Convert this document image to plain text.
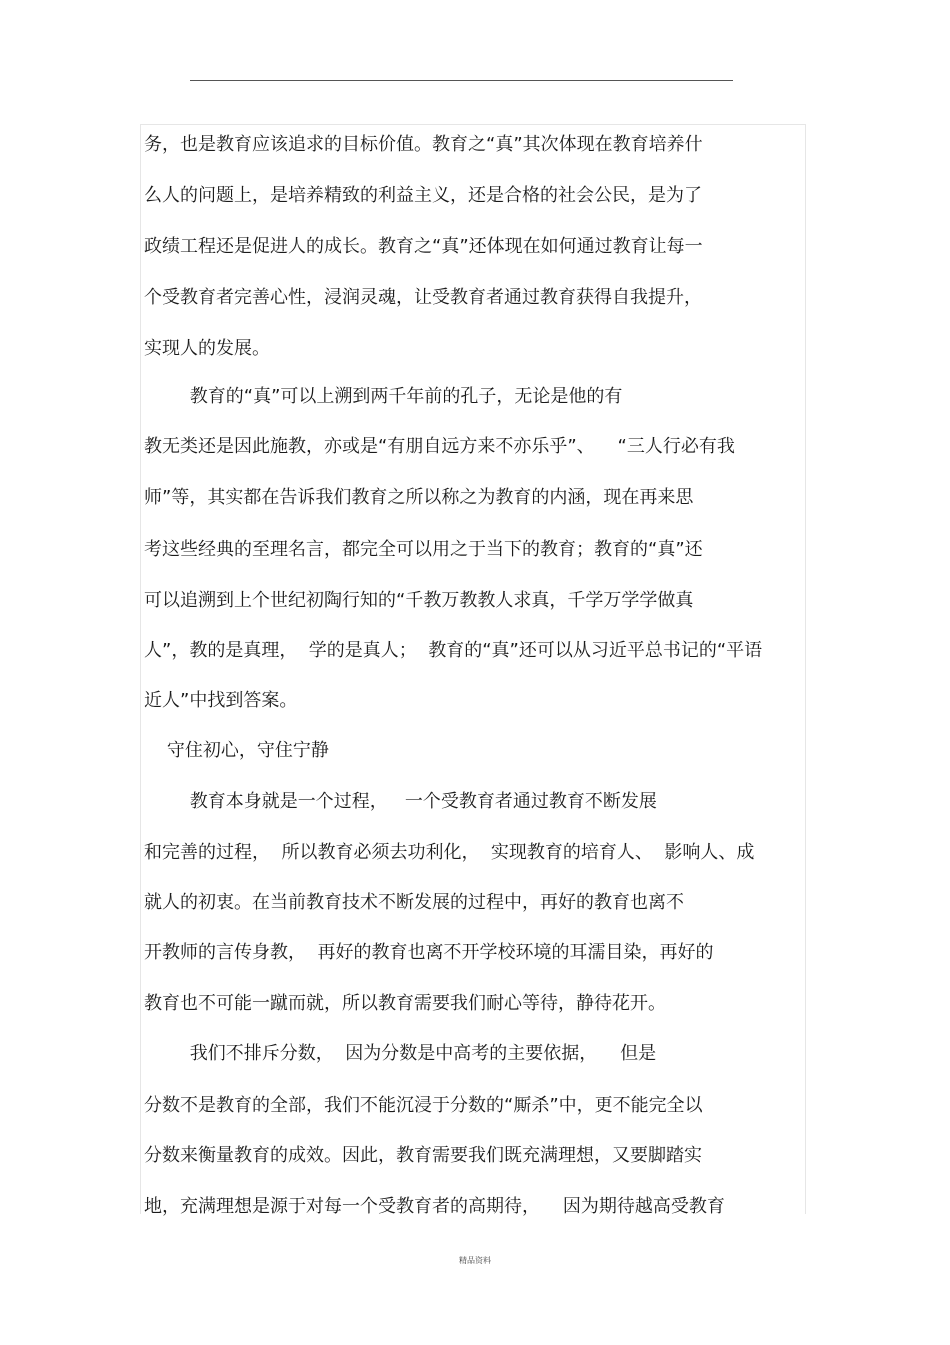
务，也是教育应该追求的目标价值。教育之“真”其次体现在教育培养什
么人的问题上，是培养精致的利益主义，还是合格的社会公民，是为了
政绩工程还是促进人的成长。教育之“真”还体现在如何通过教育让每一
个受教育者完善心性，浸润灵魂，让受教育者通过教育获得自我提升，
实现人的发展。
教育的“真”可以上溯到两千年前的孔子，无论是他的有
教无类还是因此施教，亦或是“有朋自远方来不亦乐乎”、    “三人行必有我
师”等，其实都在告诉我们教育之所以称之为教育的内涵，现在再来思
考这些经典的至理名言，都完全可以用之于当下的教育；教育的“真”还
可以追溯到上个世纪初陶行知的“千教万教教人求真，千学万学学做真
人”，教的是真理，  学的是真人；  教育的“真”还可以从习近平总书记的“平语
近人”中找到答案。
守住初心，守住宁静
教育本身就是一个过程，   一个受教育者通过教育不断发展
和完善的过程，  所以教育必须去功利化，  实现教育的培育人、  影响人、成
就人的初衷。在当前教育技术不断发展的过程中，再好的教育也离不
开教师的言传身教，  再好的教育也离不开学校环境的耳濡目染，再好的
教育也不可能一蹴而就，所以教育需要我们耐心等待，静待花开。
我们不排斥分数，  因为分数是中高考的主要依据，    但是
分数不是教育的全部，我们不能沉浸于分数的“厮杀”中，更不能完全以
分数来衡量教育的成效。因此，教育需要我们既充满理想，又要脚踏实
地，充满理想是源于对每一个受教育者的高期待，    因为期待越高受教育
精品资料
